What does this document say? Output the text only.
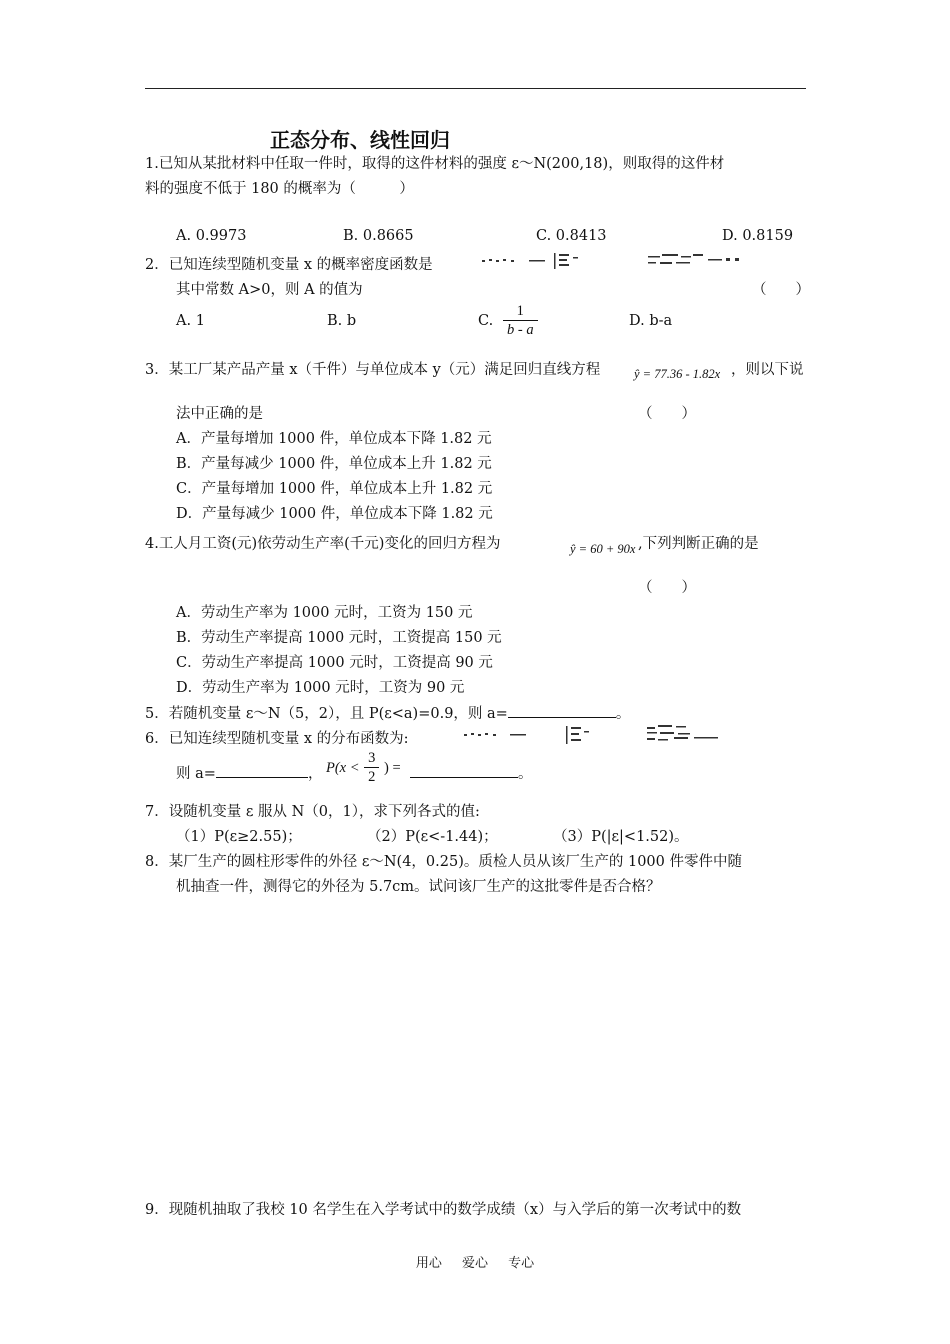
正态分布、线性回归
1.已知从某批材料中任取一件时，取得的这件材料的强度 ε～N(200,18)，则取得的这件材
料的强度不低于 180 的概率为（　　　）
A. 0.9973	B. 0.8665	C. 0.8413	D. 0.8159
2．已知连续型随机变量 x 的概率密度函数是
其中常数 A>0，则 A 的值为	（　　）
A. 1	B. b	C. $\frac{1}{b - a}$	D. b-a
3．某工厂某产品产量 x（千件）与单位成本 y（元）满足回归直线方程	ŷ = 77.36 - 1.82x ，则以下说
法中正确的是	（　　）
A．产量每增加 1000 件，单位成本下降 1.82 元
B．产量每减少 1000 件，单位成本上升 1.82 元
C．产量每增加 1000 件，单位成本上升 1.82 元
D．产量每减少 1000 件，单位成本下降 1.82 元
4.工人月工资(元)依劳动生产率(千元)变化的回归方程为	ŷ = 60 + 90x ,下列判断正确的是
（　　）
A．劳动生产率为 1000 元时，工资为 150 元
B．劳动生产率提高 1000 元时，工资提高 150 元
C．劳动生产率提高 1000 元时，工资提高 90 元
D．劳动生产率为 1000 元时，工资为 90 元
5．若随机变量 ε～N（5，2），且 P(ε<a)=0.9，则 a=	。
6．已知连续型随机变量 x 的分布函数为:
则 a=	， $P(x < \frac{3}{2}$ ) =	。
7．设随机变量 ε 服从 N（0，1），求下列各式的值:
（1）P(ε≥2.55)；	（2）P(ε<-1.44)；	（3）P(|ε|<1.52)。
8．某厂生产的圆柱形零件的外径 ε～N(4，0.25)。质检人员从该厂生产的 1000 件零件中随
机抽查一件，测得它的外径为 5.7cm。试问该厂生产的这批零件是否合格？
9．现随机抽取了我校 10 名学生在入学考试中的数学成绩（x）与入学后的第一次考试中的数
用心 爱心 专心
